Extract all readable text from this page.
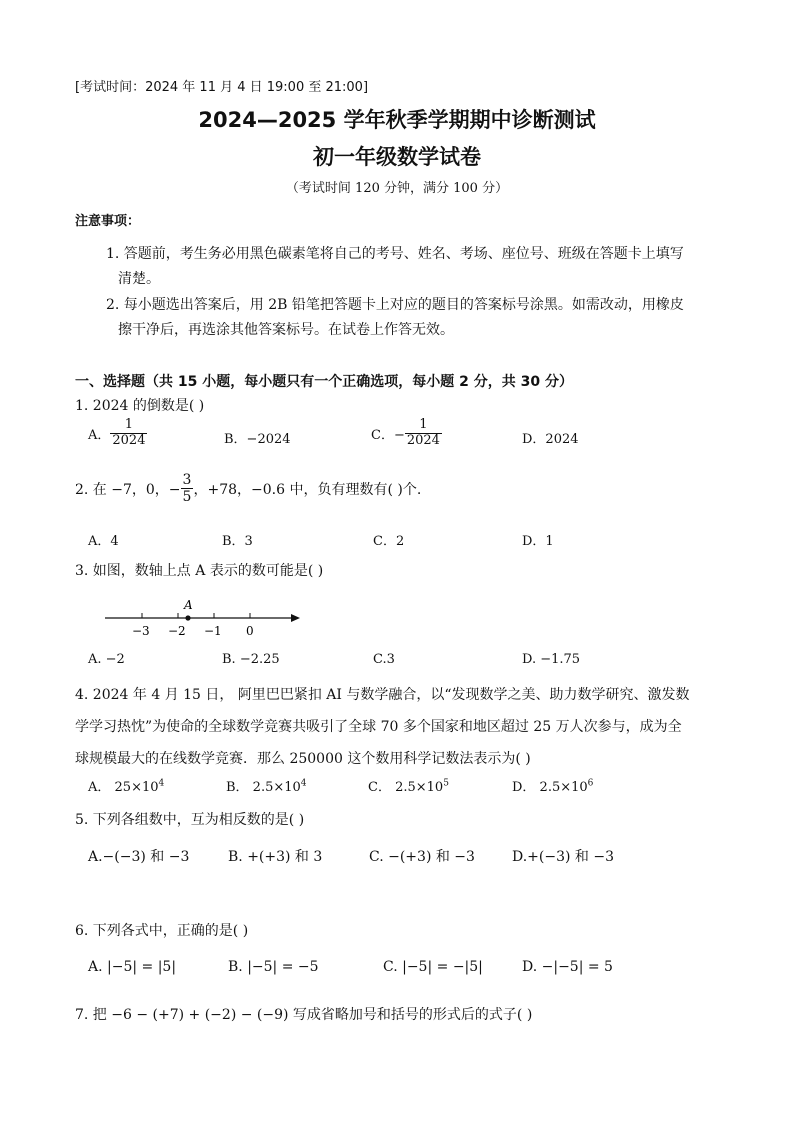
[考试时间：2024 年 11 月 4 日 19:00 至 21:00]
2024—2025 学年秋季学期期中诊断测试
初一年级数学试卷
（考试时间 120 分钟，满分 100 分）
注意事项：
1. 答题前，考生务必用黑色碳素笔将自己的考号、姓名、考场、座位号、班级在答题卡上填写
清楚。
2. 每小题选出答案后，用 2B 铅笔把答题卡上对应的题目的答案标号涂黑。如需改动，用橡皮
擦干净后，再选涂其他答案标号。在试卷上作答无效。
一、选择题（共 15 小题，每小题只有一个正确选项，每小题 2 分，共 30 分）
1. 2024 的倒数是( )
A． $\frac{1}{2024}$	B．−2024	C．− $\frac{1}{2024}$	D．2024
2. 在 −7，0，− $\frac{3}{5}$ ，+78，−0.6 中，负有理数有( )个.
A．4	B．3	C．2	D．1
3. 如图，数轴上点 A 表示的数可能是( )
A
−3 −2 −1 0
A. −2	B. −2.25	C.3	D. −1.75
4. 2024 年 4 月 15 日， 阿里巴巴紧扣 AI 与数学融合，以“发现数学之美、助力数学研究、激发数
学学习热忱”为使命的全球数学竞赛共吸引了全球 70 多个国家和地区超过 25 万人次参与，成为全
球规模最大的在线数学竞赛．那么 250000 这个数用科学记数法表示为( )
A． $25\times 10^4$	B． $2.5\times 10^4$	C． $2.5\times 10^5$	D． $2.5\times 10^6$
5. 下列各组数中，互为相反数的是( )
A.−(−3) 和 −3	B. +(+3) 和 3	C. −(+3) 和 −3	D.+(−3) 和 −3
6. 下列各式中，正确的是( )
A. |−5| = |5|	B. |−5| = −5	C. |−5| = −|5|	D. −|−5| = 5
7. 把 −6 − (+7) + (−2) − (−9) 写成省略加号和括号的形式后的式子( )
